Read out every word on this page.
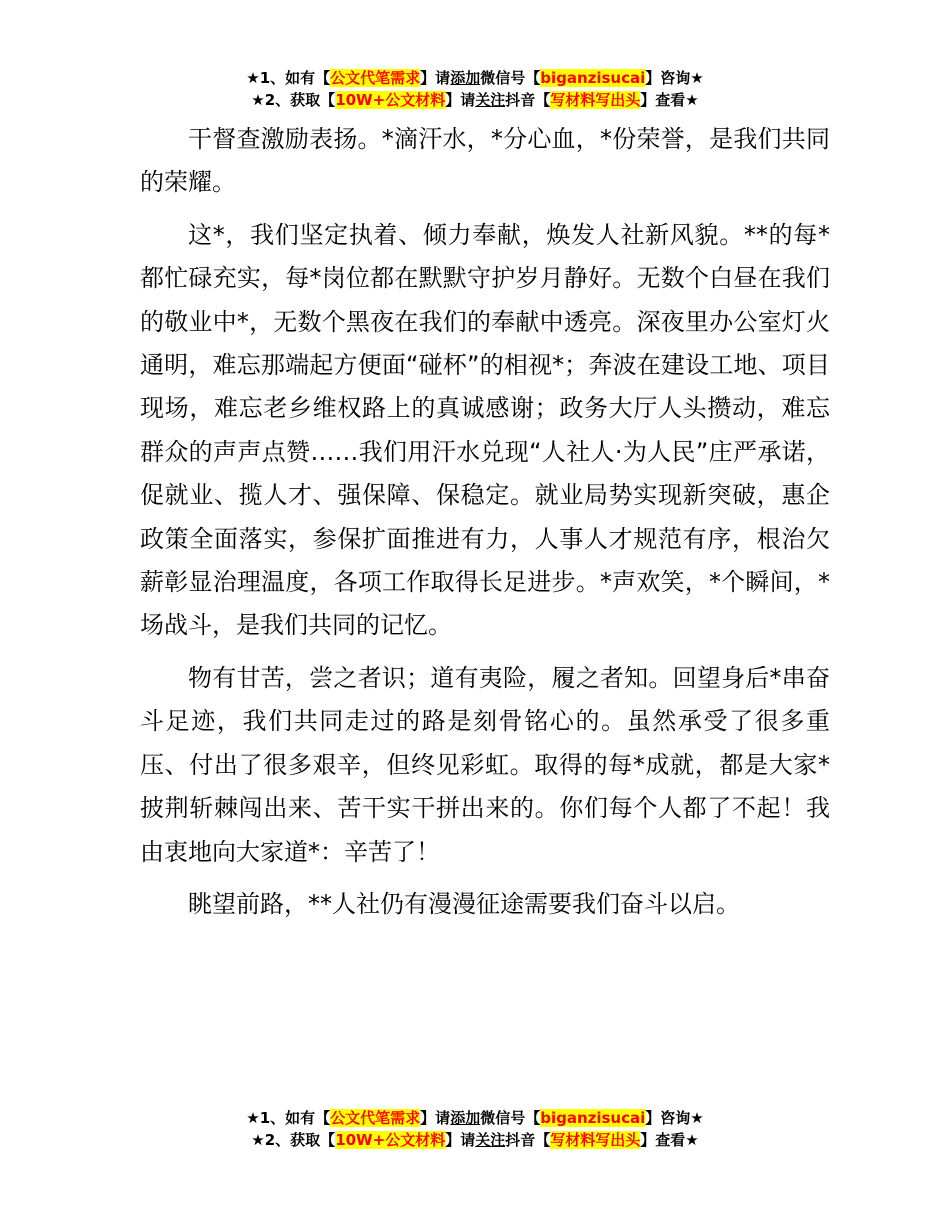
★1、如有【公文代笔需求】请添加微信号【biganzisucai】咨询★
★2、获取【10W+公文材料】请关注抖音【写材料写出头】查看★

干督查激励表扬。*滴汗水，*分心血，*份荣誉，是我们共同的荣耀。

这*，我们坚定执着、倾力奉献，焕发人社新风貌。**的每*都忙碌充实，每*岗位都在默默守护岁月静好。无数个白昼在我们的敬业中*，无数个黑夜在我们的奉献中透亮。深夜里办公室灯火通明，难忘那端起方便面“碰杯”的相视*；奔波在建设工地、项目现场，难忘老乡维权路上的真诚感谢；政务大厅人头攒动，难忘群众的声声点赞……我们用汗水兑现“人社人·为人民”庄严承诺，促就业、揽人才、强保障、保稳定。就业局势实现新突破，惠企政策全面落实，参保扩面推进有力，人事人才规范有序，根治欠薪彰显治理温度，各项工作取得长足进步。*声欢笑，*个瞬间，*场战斗，是我们共同的记忆。

物有甘苦，尝之者识；道有夷险，履之者知。回望身后*串奋斗足迹，我们共同走过的路是刻骨铭心的。虽然承受了很多重压、付出了很多艰辛，但终见彩虹。取得的每*成就，都是大家*披荆斩棘闯出来、苦干实干拼出来的。你们每个人都了不起！我由衷地向大家道*：辛苦了！

眺望前路，**人社仍有漫漫征途需要我们奋斗以启。

★1、如有【公文代笔需求】请添加微信号【biganzisucai】咨询★
★2、获取【10W+公文材料】请关注抖音【写材料写出头】查看★
